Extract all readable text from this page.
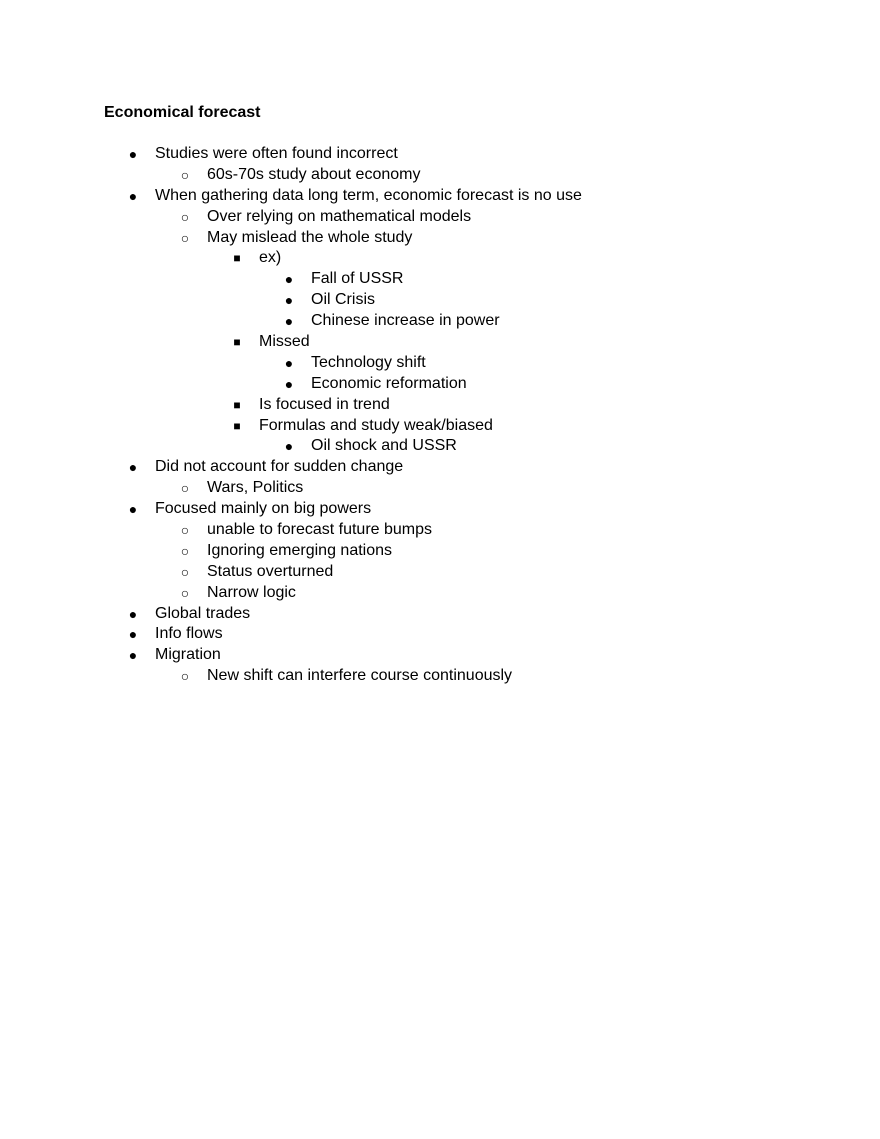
Economical forecast
● Studies were often found incorrect
○ 60s-70s study about economy
● When gathering data long term, economic forecast is no use
○ Over relying on mathematical models
○ May mislead the whole study
■ ex)
● Fall of USSR
● Oil Crisis
● Chinese increase in power
■ Missed
● Technology shift
● Economic reformation
■ Is focused in trend
■ Formulas and study weak/biased
● Oil shock and USSR
● Did not account for sudden change
○ Wars, Politics
● Focused mainly on big powers
○ unable to forecast future bumps
○ Ignoring emerging nations
○ Status overturned
○ Narrow logic
● Global trades
● Info flows
● Migration
○ New shift can interfere course continuously
